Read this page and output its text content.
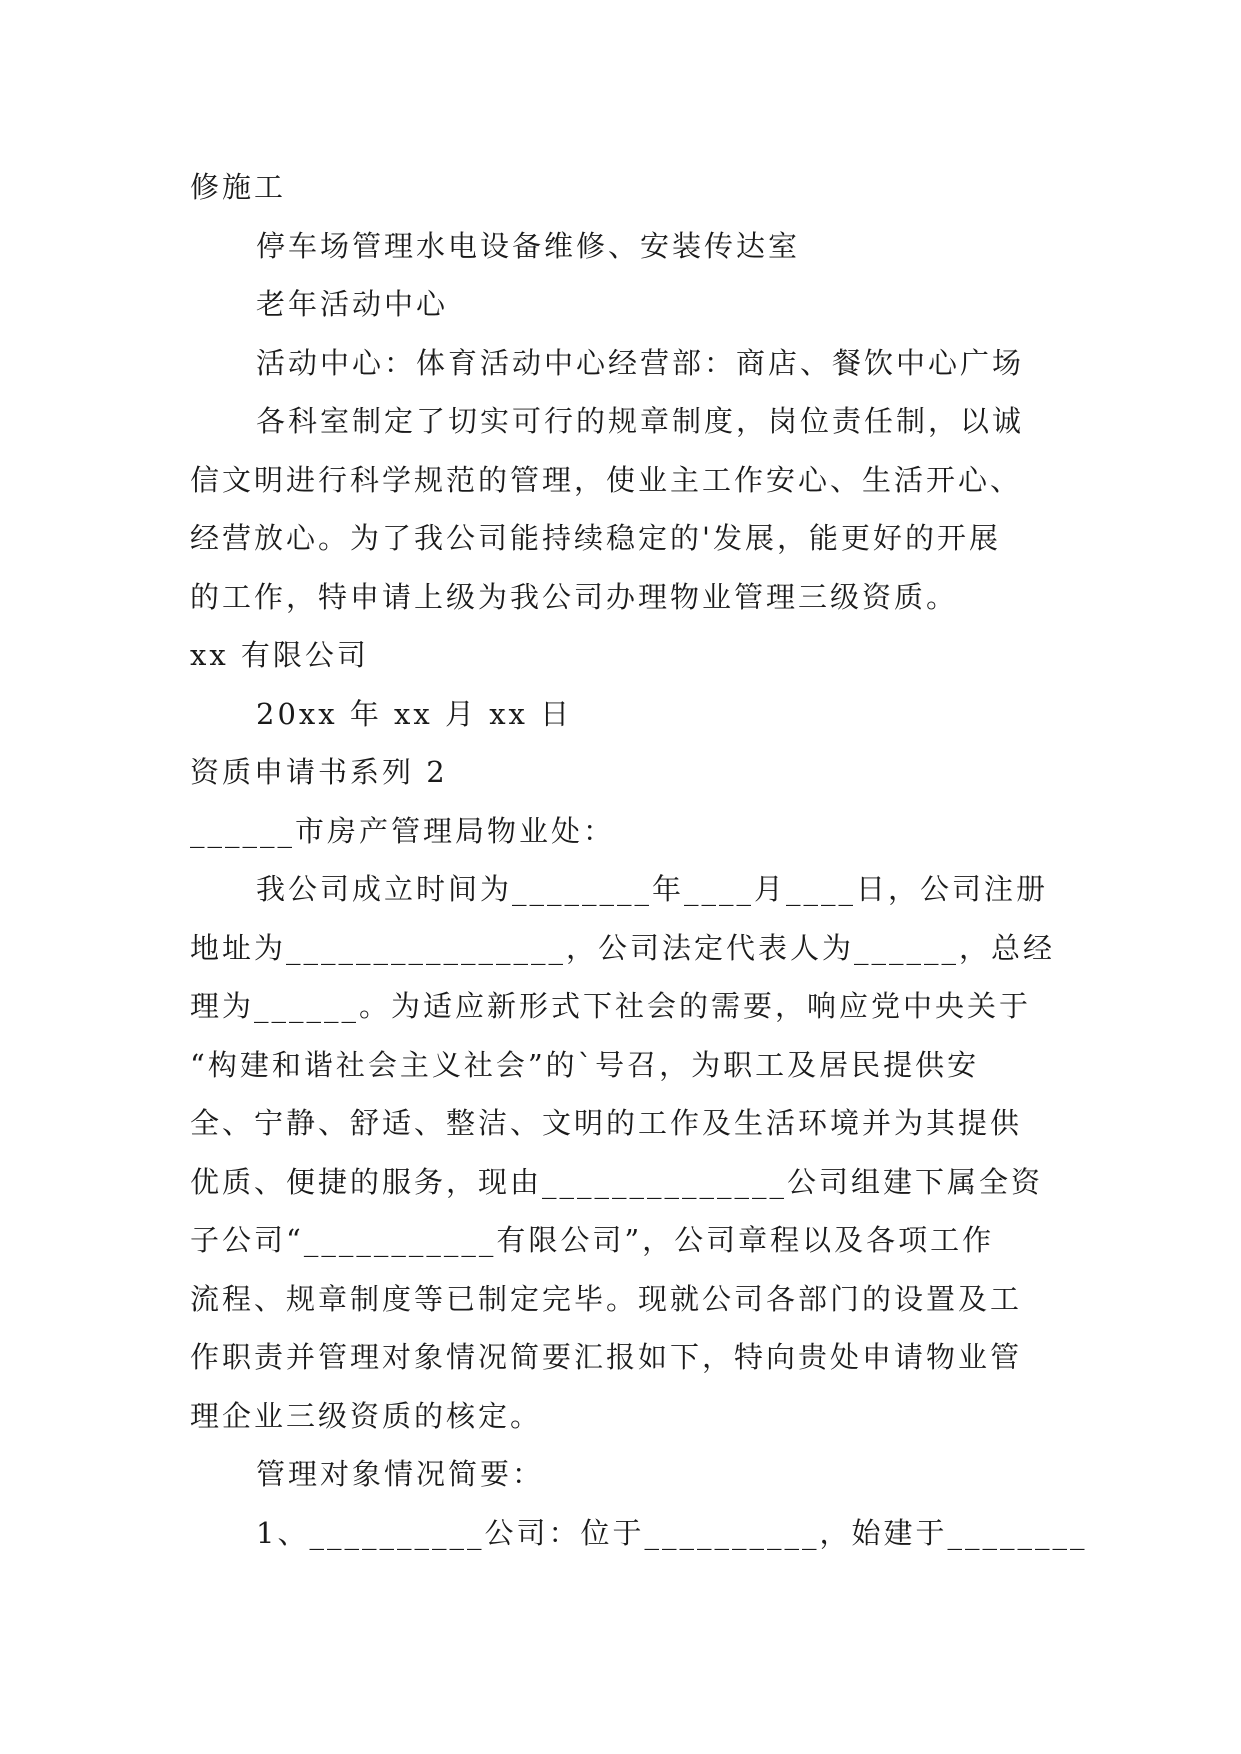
修施工
停车场管理水电设备维修、安装传达室
老年活动中心
活动中心：体育活动中心经营部：商店、餐饮中心广场
各科室制定了切实可行的规章制度，岗位责任制，以诚
信文明进行科学规范的管理，使业主工作安心、生活开心、
经营放心。为了我公司能持续稳定的'发展，能更好的开展
的工作，特申请上级为我公司办理物业管理三级资质。
xx 有限公司
20xx 年 xx 月 xx 日
资质申请书系列 2
______市房产管理局物业处：
我公司成立时间为________年____月____日，公司注册
地址为________________，公司法定代表人为______，总经
理为______。为适应新形式下社会的需要，响应党中央关于
“构建和谐社会主义社会”的`号召，为职工及居民提供安
全、宁静、舒适、整洁、文明的工作及生活环境并为其提供
优质、便捷的服务，现由______________公司组建下属全资
子公司“___________有限公司”，公司章程以及各项工作
流程、规章制度等已制定完毕。现就公司各部门的设置及工
作职责并管理对象情况简要汇报如下，特向贵处申请物业管
理企业三级资质的核定。
管理对象情况简要：
1、__________公司：位于__________，始建于________
